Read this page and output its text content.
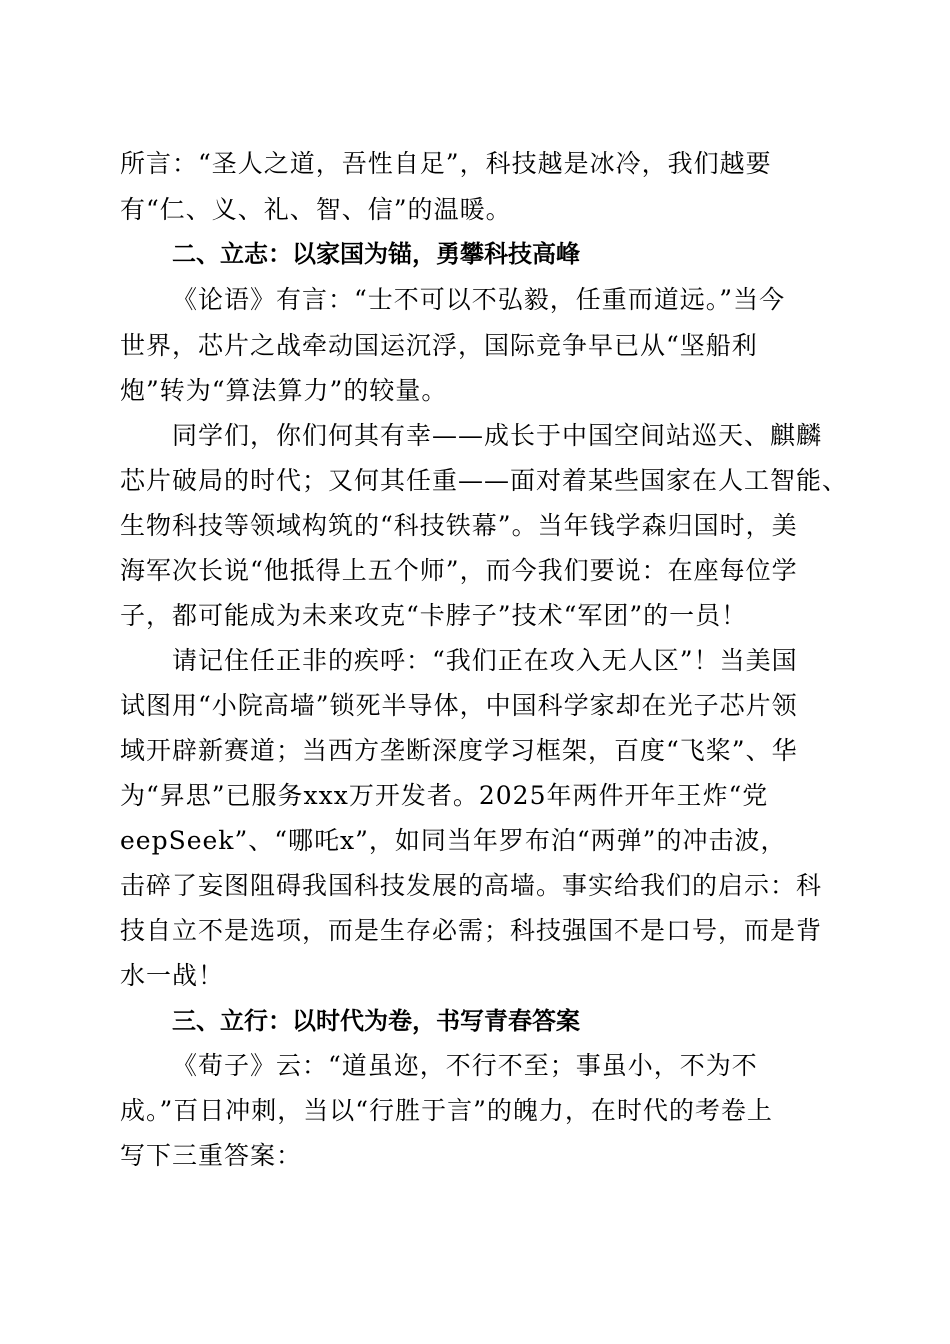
所言：“圣人之道，吾性自足”，科技越是冰冷，我们越要
有“仁、义、礼、智、信”的温暖。
二、立志：以家国为锚，勇攀科技高峰
《论语》有言：“士不可以不弘毅，任重而道远。”当今
世界，芯片之战牵动国运沉浮，国际竞争早已从“坚船利
炮”转为“算法算力”的较量。
同学们，你们何其有幸——成长于中国空间站巡天、麒麟
芯片破局的时代；又何其任重——面对着某些国家在人工智能、
生物科技等领域构筑的“科技铁幕”。当年钱学森归国时，美
海军次长说“他抵得上五个师”，而今我们要说：在座每位学
子，都可能成为未来攻克“卡脖子”技术“军团”的一员！
请记住任正非的疾呼：“我们正在攻入无人区”！当美国
试图用“小院高墙”锁死半导体，中国科学家却在光子芯片领
域开辟新赛道；当西方垄断深度学习框架，百度“飞桨”、华
为“昇思”已服务xxx万开发者。2025年两件开年王炸“党
eepSeek”、“哪吒x”，如同当年罗布泊“两弹”的冲击波，
击碎了妄图阻碍我国科技发展的高墙。事实给我们的启示：科
技自立不是选项，而是生存必需；科技强国不是口号，而是背
水一战！
三、立行：以时代为卷，书写青春答案
《荀子》云：“道虽迩，不行不至；事虽小，不为不
成。”百日冲刺，当以“行胜于言”的魄力，在时代的考卷上
写下三重答案：
